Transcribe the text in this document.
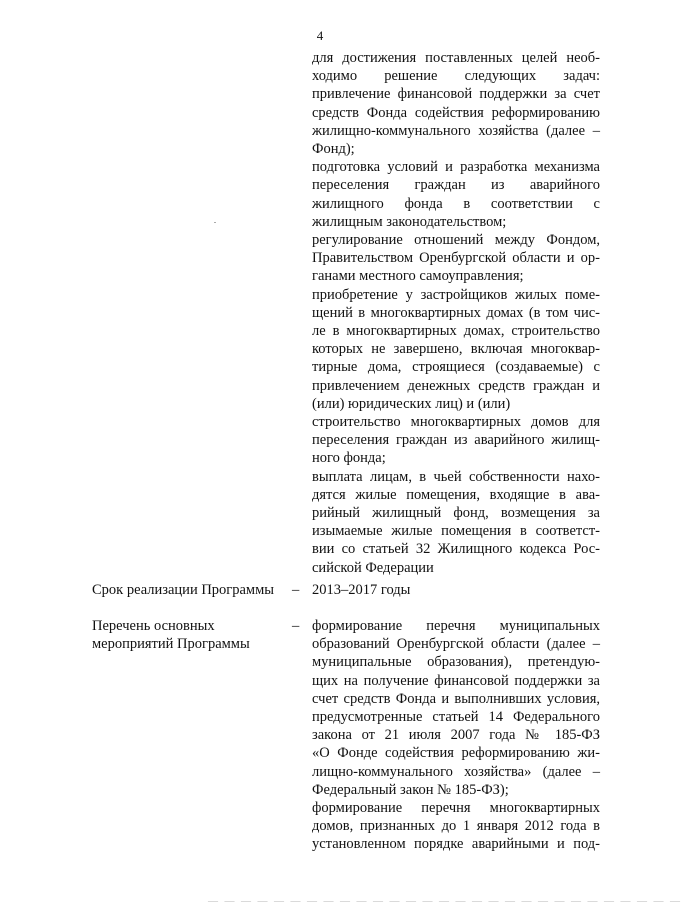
4
для достижения поставленных целей необ-
ходимо решение следующих задач:
привлечение финансовой поддержки за счет
средств Фонда содействия реформированию
жилищно-коммунального хозяйства (далее –
Фонд);
подготовка условий и разработка механизма
переселения граждан из аварийного
жилищного фонда в соответствии с
жилищным законодательством;
регулирование отношений между Фондом,
Правительством Оренбургской области и ор-
ганами местного самоуправления;
приобретение у застройщиков жилых поме-
щений в многоквартирных домах (в том чис-
ле в многоквартирных домах, строительство
которых не завершено, включая многоквар-
тирные дома, строящиеся (создаваемые) с
привлечением денежных средств граждан и
(или) юридических лиц) и (или)
строительство многоквартирных домов для
переселения граждан из аварийного жилищ-
ного фонда;
выплата лицам, в чьей собственности нахо-
дятся жилые помещения, входящие в ава-
рийный жилищный фонд, возмещения за
изымаемые жилые помещения в соответст-
вии со статьей 32 Жилищного кодекса Рос-
сийской Федерации
Срок реализации Программы	– 2013–2017 годы
Перечень основных
мероприятий Программы
– формирование перечня муниципальных
образований Оренбургской области (далее –
муниципальные образования), претендую-
щих на получение финансовой поддержки за
счет средств Фонда и выполнивших условия,
предусмотренные статьей 14 Федерального
закона от 21 июля 2007 года № 185-ФЗ
«О Фонде содействия реформированию жи-
лищно-коммунального хозяйства» (далее –
Федеральный закон № 185-ФЗ);
формирование перечня многоквартирных
домов, признанных до 1 января 2012 года в
установленном порядке аварийными и под-
— — — — — — — — — — — — — — — — — — — — — — — — — — — — —
